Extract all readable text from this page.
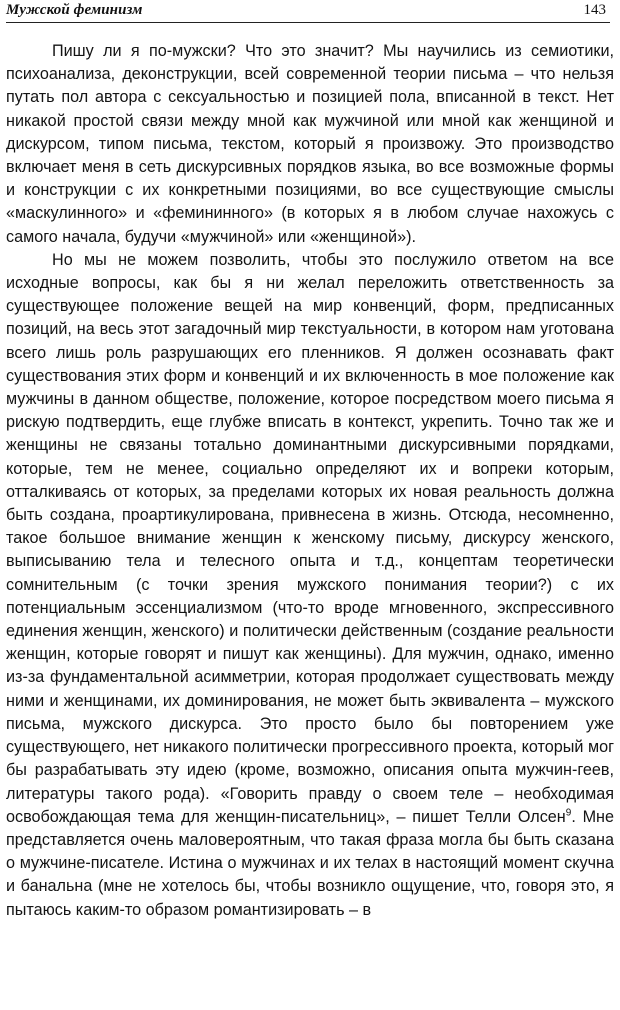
Мужской феминизм	143

Пишу ли я по-мужски? Что это значит? Мы научились из семиотики, психоанализа, деконструкции, всей современной теории письма – что нельзя путать пол автора с сексуальностью и позицией пола, вписанной в текст. Нет никакой простой связи между мной как мужчиной или мной как женщиной и дискурсом, типом письма, текстом, который я произвожу. Это производство включает меня в сеть дискурсивных порядков языка, во все возможные формы и конструкции с их конкретными позициями, во все существующие смыслы «маскулинного» и «фемининного» (в которых я в любом случае нахожусь с самого начала, будучи «мужчиной» или «женщиной»).

Но мы не можем позволить, чтобы это послужило ответом на все исходные вопросы, как бы я ни желал переложить ответственность за существующее положение вещей на мир конвенций, форм, предписанных позиций, на весь этот загадочный мир текстуальности, в котором нам уготована всего лишь роль разрушающих его пленников. Я должен осознавать факт существования этих форм и конвенций и их включенность в мое положение как мужчины в данном обществе, положение, которое посредством моего письма я рискую подтвердить, еще глубже вписать в контекст, укрепить. Точно так же и женщины не связаны тотально доминантными дискурсивными порядками, которые, тем не менее, социально определяют их и вопреки которым, отталкиваясь от которых, за пределами которых их новая реальность должна быть создана, проартикулирована, привнесена в жизнь. Отсюда, несомненно, такое большое внимание женщин к женскому письму, дискурсу женского, выписыванию тела и телесного опыта и т.д., концептам теоретически сомнительным (с точки зрения мужского понимания теории?) с их потенциальным эссенциализмом (что-то вроде мгновенного, экспрессивного единения женщин, женского) и политически действенным (создание реальности женщин, которые говорят и пишут как женщины). Для мужчин, однако, именно из-за фундаментальной асимметрии, которая продолжает существовать между ними и женщинами, их доминирования, не может быть эквивалента – мужского письма, мужского дискурса. Это просто было бы повторением уже существующего, нет никакого политически прогрессивного проекта, который мог бы разрабатывать эту идею (кроме, возможно, описания опыта мужчин-геев, литературы такого рода). «Говорить правду о своем теле – необходимая освобождающая тема для женщин-писательниц», – пишет Телли Олсен$^9$. Мне представляется очень маловероятным, что такая фраза могла бы быть сказана о мужчине-писателе. Истина о мужчинах и их телах в настоящий момент скучна и банальна (мне не хотелось бы, чтобы возникло ощущение, что, говоря это, я пытаюсь каким-то образом романтизировать – в
